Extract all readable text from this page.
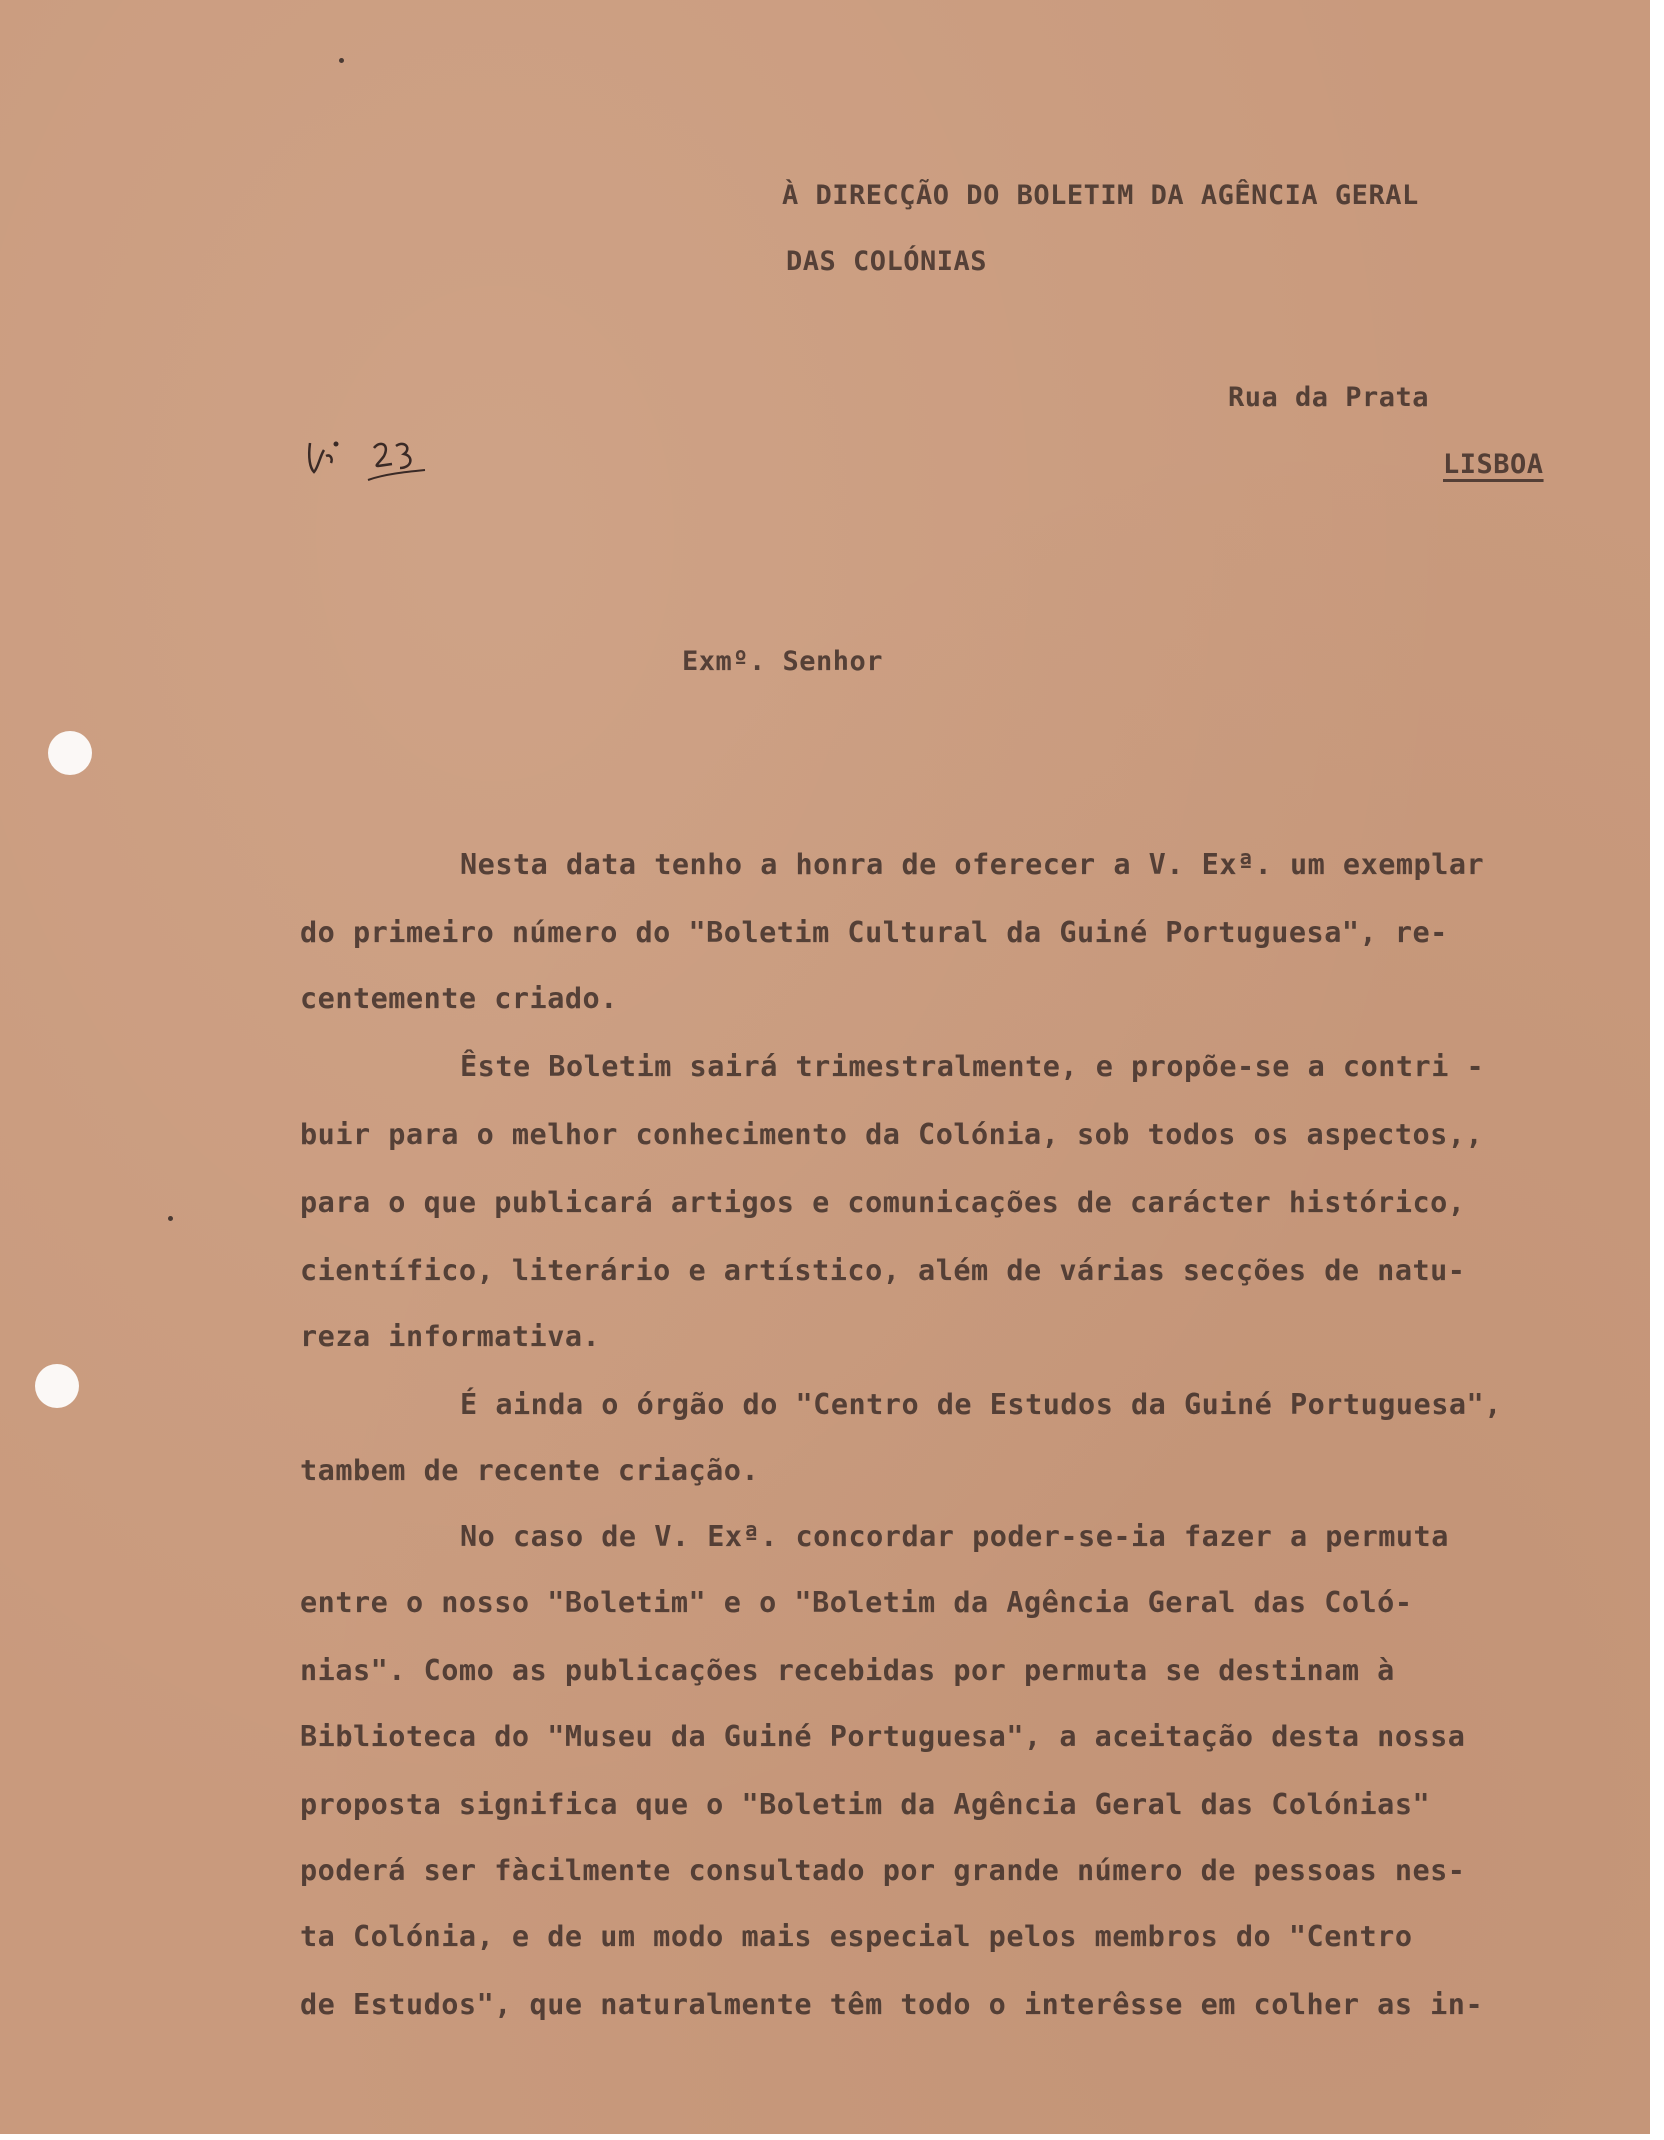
À DIRECÇÃO DO BOLETIM DA AGÊNCIA GERAL
DAS COLÓNIAS
Rua da Prata
LISBOA
Exmº. Senhor
Nesta data tenho a honra de oferecer a V. Exª. um exemplar
do primeiro número do "Boletim Cultural da Guiné Portuguesa", re-
centemente criado.
Êste Boletim sairá trimestralmente, e propõe-se a contri -
buir para o melhor conhecimento da Colónia, sob todos os aspectos,,
para o que publicará artigos e comunicações de carácter histórico,
científico, literário e artístico, além de várias secções de natu-
reza informativa.
É ainda o órgão do "Centro de Estudos da Guiné Portuguesa",
tambem de recente criação.
No caso de V. Exª. concordar poder-se-ia fazer a permuta
entre o nosso "Boletim" e o "Boletim da Agência Geral das Coló-
nias". Como as publicações recebidas por permuta se destinam à
Biblioteca do "Museu da Guiné Portuguesa", a aceitação desta nossa
proposta significa que o "Boletim da Agência Geral das Colónias"
poderá ser fàcilmente consultado por grande número de pessoas nes-
ta Colónia, e de um modo mais especial pelos membros do "Centro
de Estudos", que naturalmente têm todo o interêsse em colher as in-
